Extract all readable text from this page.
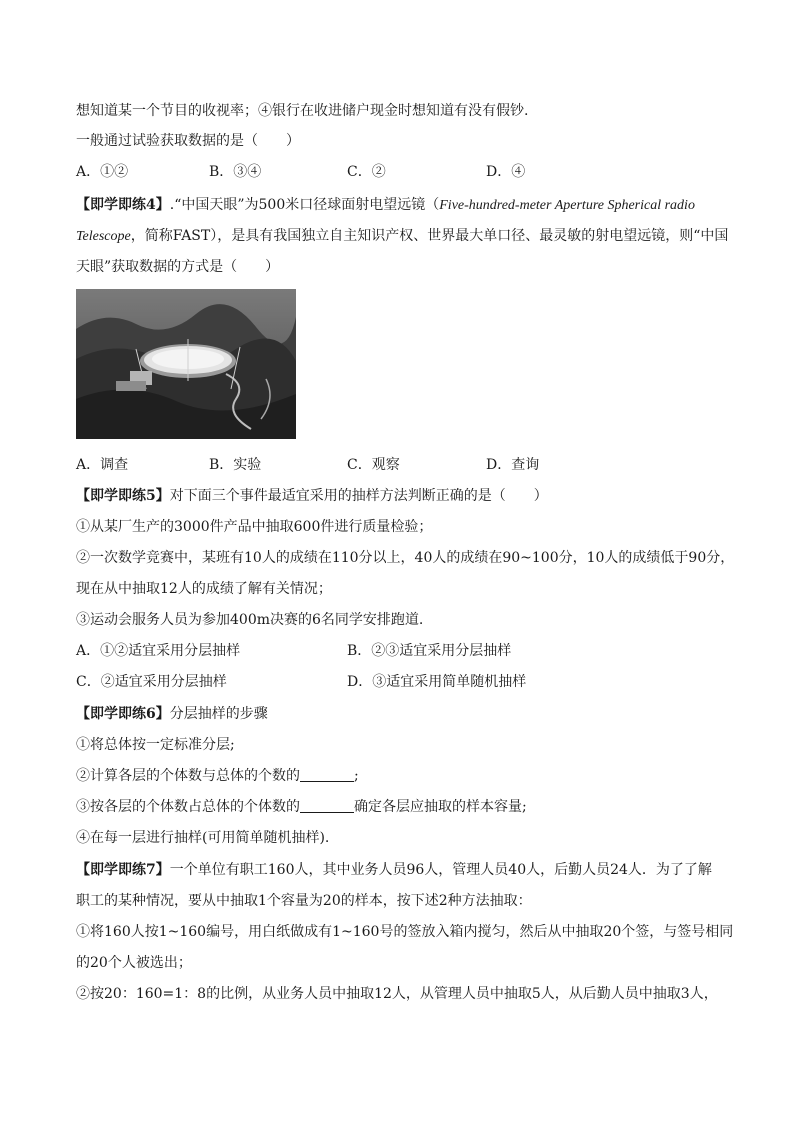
想知道某一个节目的收视率；④银行在收进储户现金时想知道有没有假钞.
一般通过试验获取数据的是（　　）
A．①②	B．③④	C．②	D．④
【即学即练4】.“中国天眼”为500米口径球面射电望远镜（Five-hundred-meter Aperture Spherical radio
Telescope，简称FAST），是具有我国独立自主知识产权、世界最大单口径、最灵敏的射电望远镜，则“中国
天眼”获取数据的方式是（　　）
A．调查	B．实验	C．观察	D．查询
【即学即练5】对下面三个事件最适宜采用的抽样方法判断正确的是（　　）
①从某厂生产的3000件产品中抽取600件进行质量检验；
②一次数学竞赛中，某班有10人的成绩在110分以上，40人的成绩在90~100分，10人的成绩低于90分，
现在从中抽取12人的成绩了解有关情况；
③运动会服务人员为参加400m决赛的6名同学安排跑道.
A．①②适宜采用分层抽样	B．②③适宜采用分层抽样
C．②适宜采用分层抽样	D．③适宜采用简单随机抽样
【即学即练6】分层抽样的步骤
①将总体按一定标准分层;
②计算各层的个体数与总体的个数的	;
③按各层的个体数占总体的个体数的	确定各层应抽取的样本容量;
④在每一层进行抽样(可用简单随机抽样).
【即学即练7】一个单位有职工160人，其中业务人员96人，管理人员40人，后勤人员24人．为了了解
职工的某种情况，要从中抽取1个容量为20的样本，按下述2种方法抽取：
①将160人按1~160编号，用白纸做成有1~160号的签放入箱内搅匀，然后从中抽取20个签，与签号相同
的20个人被选出；
②按20：160=1：8的比例，从业务人员中抽取12人，从管理人员中抽取5人，从后勤人员中抽取3人，
